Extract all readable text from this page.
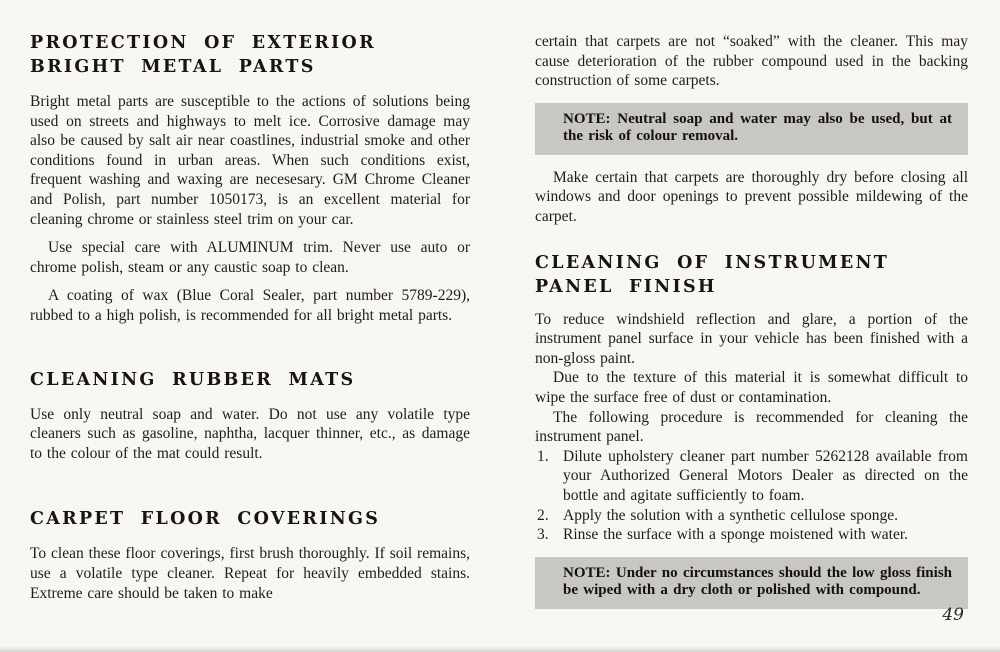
PROTECTION OF EXTERIOR
BRIGHT METAL PARTS

Bright metal parts are susceptible to the actions of solutions being used on streets and highways to melt ice. Corrosive damage may also be caused by salt air near coastlines, industrial smoke and other conditions found in urban areas. When such conditions exist, frequent washing and waxing are necesesary. GM Chrome Cleaner and Polish, part number 1050173, is an excellent material for cleaning chrome or stainless steel trim on your car.

Use special care with ALUMINUM trim. Never use auto or chrome polish, steam or any caustic soap to clean.

A coating of wax (Blue Coral Sealer, part number 5789-229), rubbed to a high polish, is recommended for all bright metal parts.

CLEANING RUBBER MATS

Use only neutral soap and water. Do not use any volatile type cleaners such as gasoline, naphtha, lacquer thinner, etc., as damage to the colour of the mat could result.

CARPET FLOOR COVERINGS

To clean these floor coverings, first brush thoroughly. If soil remains, use a volatile type cleaner. Repeat for heavily embedded stains. Extreme care should be taken to make

certain that carpets are not “soaked” with the cleaner. This may cause deterioration of the rubber compound used in the backing construction of some carpets.

NOTE: Neutral soap and water may also be used, but at the risk of colour removal.

Make certain that carpets are thoroughly dry before closing all windows and door openings to prevent possible mildewing of the carpet.

CLEANING OF INSTRUMENT
PANEL FINISH

To reduce windshield reflection and glare, a portion of the instrument panel surface in your vehicle has been finished with a non-gloss paint.

Due to the texture of this material it is somewhat difficult to wipe the surface free of dust or contamination.

The following procedure is recommended for cleaning the instrument panel.

1. Dilute upholstery cleaner part number 5262128 available from your Authorized General Motors Dealer as directed on the bottle and agitate sufficiently to foam.
2. Apply the solution with a synthetic cellulose sponge.
3. Rinse the surface with a sponge moistened with water.
NOTE: Under no circumstances should the low gloss finish be wiped with a dry cloth or polished with compound.
49
